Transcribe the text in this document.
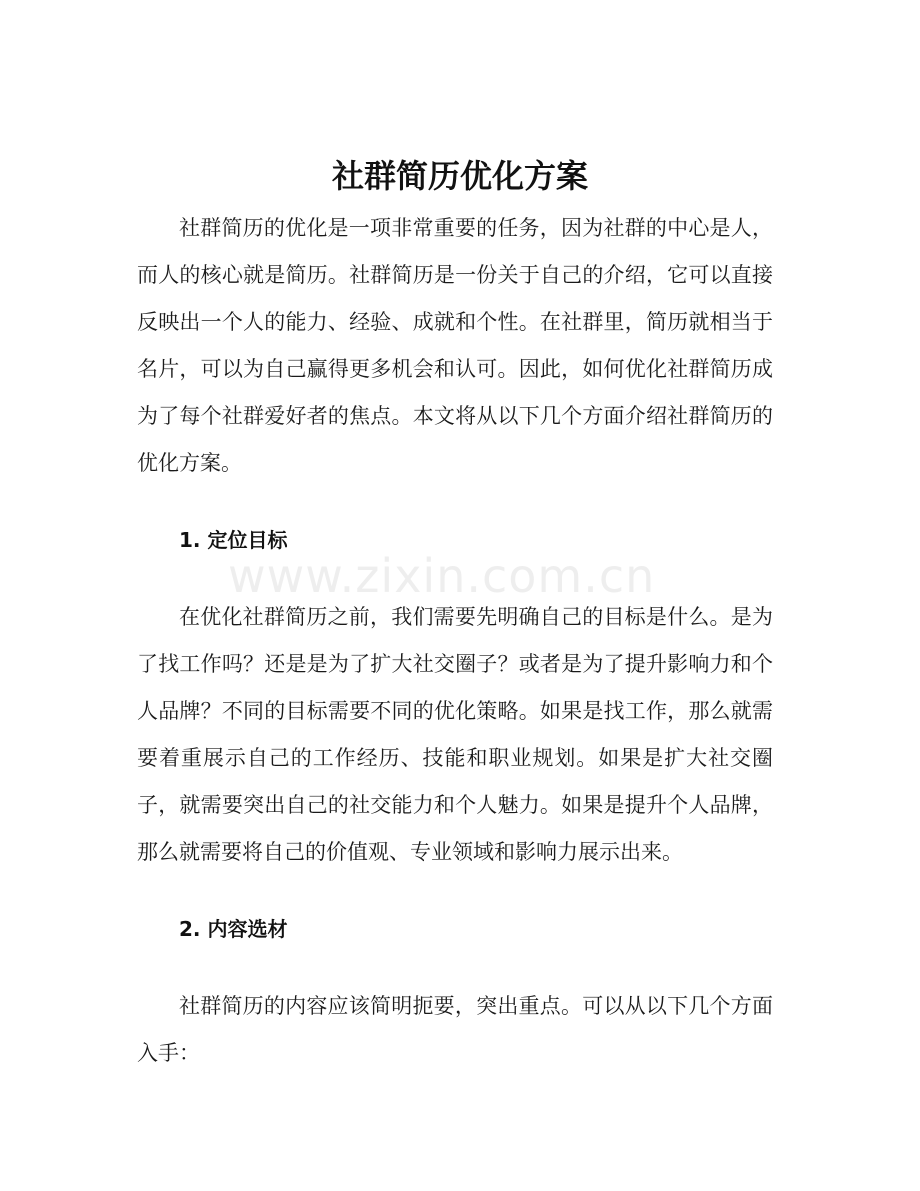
社群简历优化方案

社群简历的优化是一项非常重要的任务，因为社群的中心是人，而人的核心就是简历。社群简历是一份关于自己的介绍，它可以直接反映出一个人的能力、经验、成就和个性。在社群里，简历就相当于名片，可以为自己赢得更多机会和认可。因此，如何优化社群简历成为了每个社群爱好者的焦点。本文将从以下几个方面介绍社群简历的优化方案。

1. 定位目标

在优化社群简历之前，我们需要先明确自己的目标是什么。是为了找工作吗？还是是为了扩大社交圈子？或者是为了提升影响力和个人品牌？不同的目标需要不同的优化策略。如果是找工作，那么就需要着重展示自己的工作经历、技能和职业规划。如果是扩大社交圈子，就需要突出自己的社交能力和个人魅力。如果是提升个人品牌，那么就需要将自己的价值观、专业领域和影响力展示出来。

2. 内容选材

社群简历的内容应该简明扼要，突出重点。可以从以下几个方面入手：

www.zixin.com.cn
